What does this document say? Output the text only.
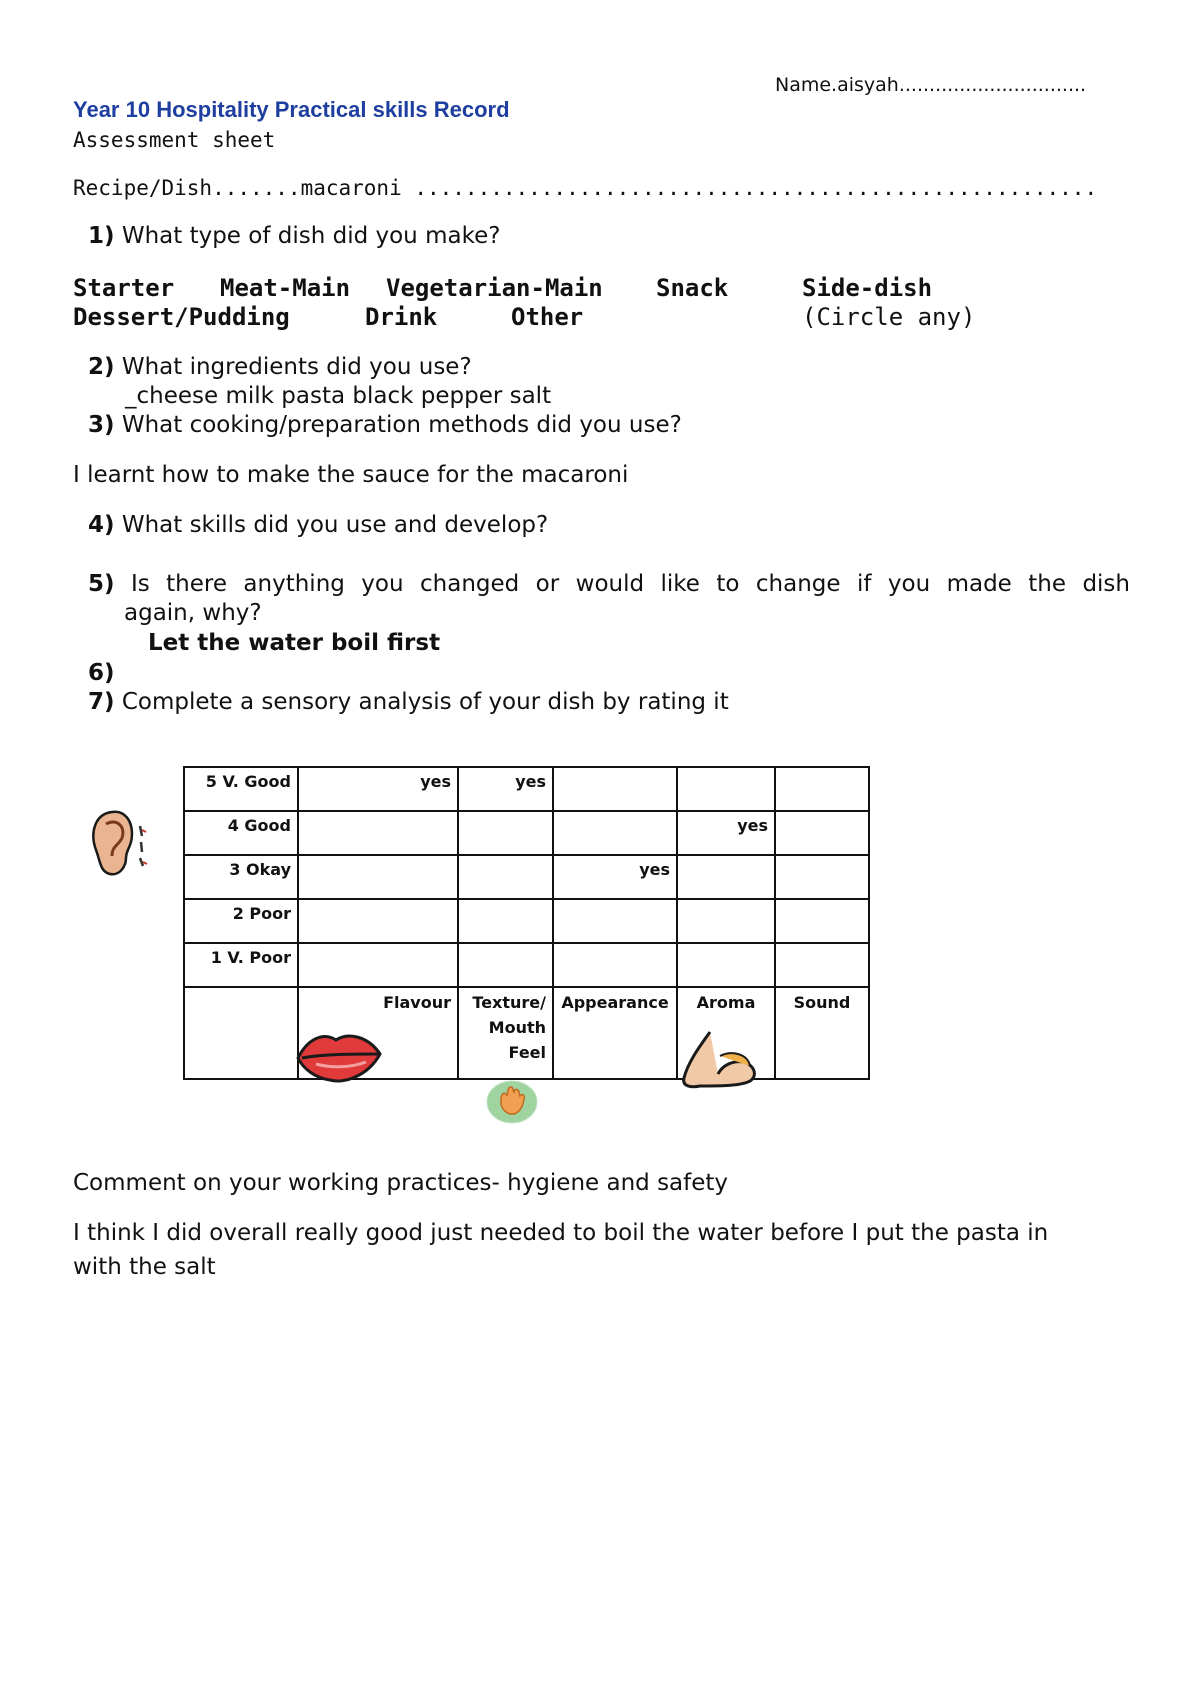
Name.aisyah...............................
Year 10 Hospitality Practical skills Record
Assessment sheet
Recipe/Dish.......macaroni ......................................................
1) What type of dish did you make?
Starter Meat-Main Vegetarian-Main Snack	Side-dish
Dessert/Pudding	Drink	Other	(Circle any)
2) What ingredients did you use?
_cheese milk pasta black pepper salt
3) What cooking/preparation methods did you use?
I learnt how to make the sauce for the macaroni
4) What skills did you use and develop?
5) Is there anything you changed or would like to change if you made the dish
again, why?
Let the water boil first
6)
7) Complete a sensory analysis of your dish by rating it
5 V. Good	yes	yes			

4 Good				yes	

3 Okay			yes		

2 Poor					

1 V. Poor					

	Flavour	Texture/ Mouth Feel	Appearance	Aroma	Sound
Comment on your working practices- hygiene and safety
I think I did overall really good just needed to boil the water before I put the pasta in
with the salt
